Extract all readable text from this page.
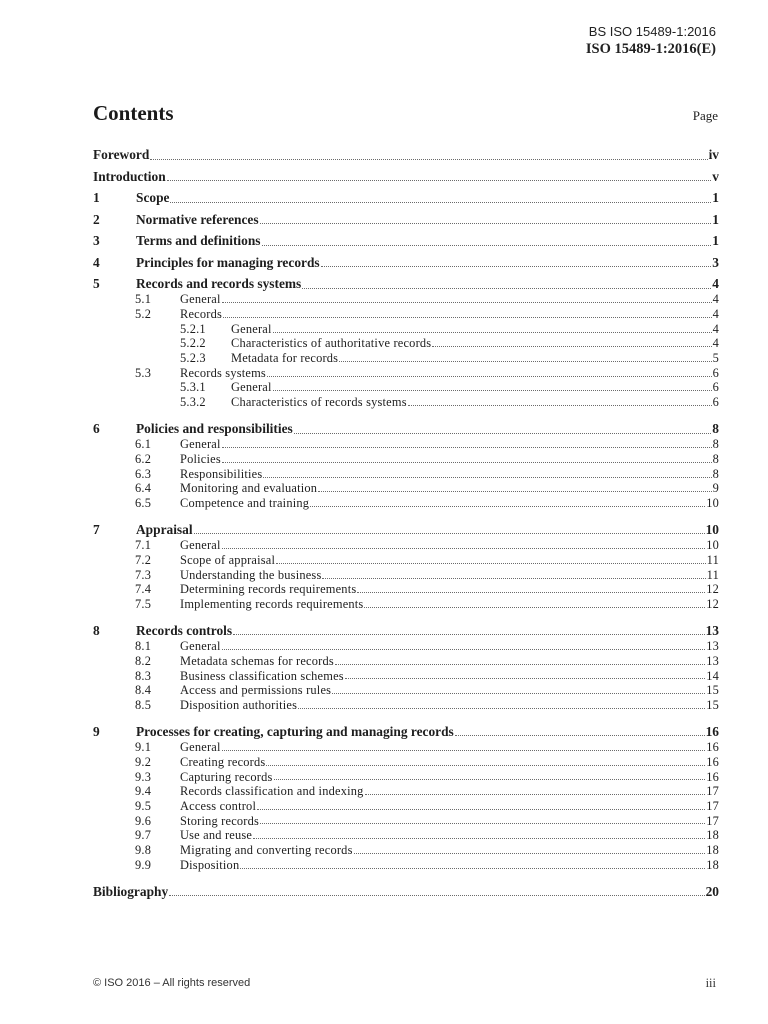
BS ISO 15489-1:2016
ISO 15489-1:2016(E)
Contents	Page
Foreword	iv
Introduction	v
1	Scope	1
2	Normative references	1
3	Terms and definitions	1
4	Principles for managing records	3
5	Records and records systems	4
5.1 General	4
5.2 Records	4
5.2.1 General	4
5.2.2 Characteristics of authoritative records	4
5.2.3 Metadata for records	5
5.3 Records systems	6
5.3.1 General	6
5.3.2 Characteristics of records systems	6
6	Policies and responsibilities	8
6.1 General	8
6.2 Policies	8
6.3 Responsibilities	8
6.4 Monitoring and evaluation	9
6.5 Competence and training	10
7	Appraisal	10
7.1 General	10
7.2 Scope of appraisal	11
7.3 Understanding the business	11
7.4 Determining records requirements	12
7.5 Implementing records requirements	12
8	Records controls	13
8.1 General	13
8.2 Metadata schemas for records	13
8.3 Business classification schemes	14
8.4 Access and permissions rules	15
8.5 Disposition authorities	15
9	Processes for creating, capturing and managing records	16
9.1 General	16
9.2 Creating records	16
9.3 Capturing records	16
9.4 Records classification and indexing	17
9.5 Access control	17
9.6 Storing records	17
9.7 Use and reuse	18
9.8 Migrating and converting records	18
9.9 Disposition	18
Bibliography	20
© ISO 2016 – All rights reserved	iii
